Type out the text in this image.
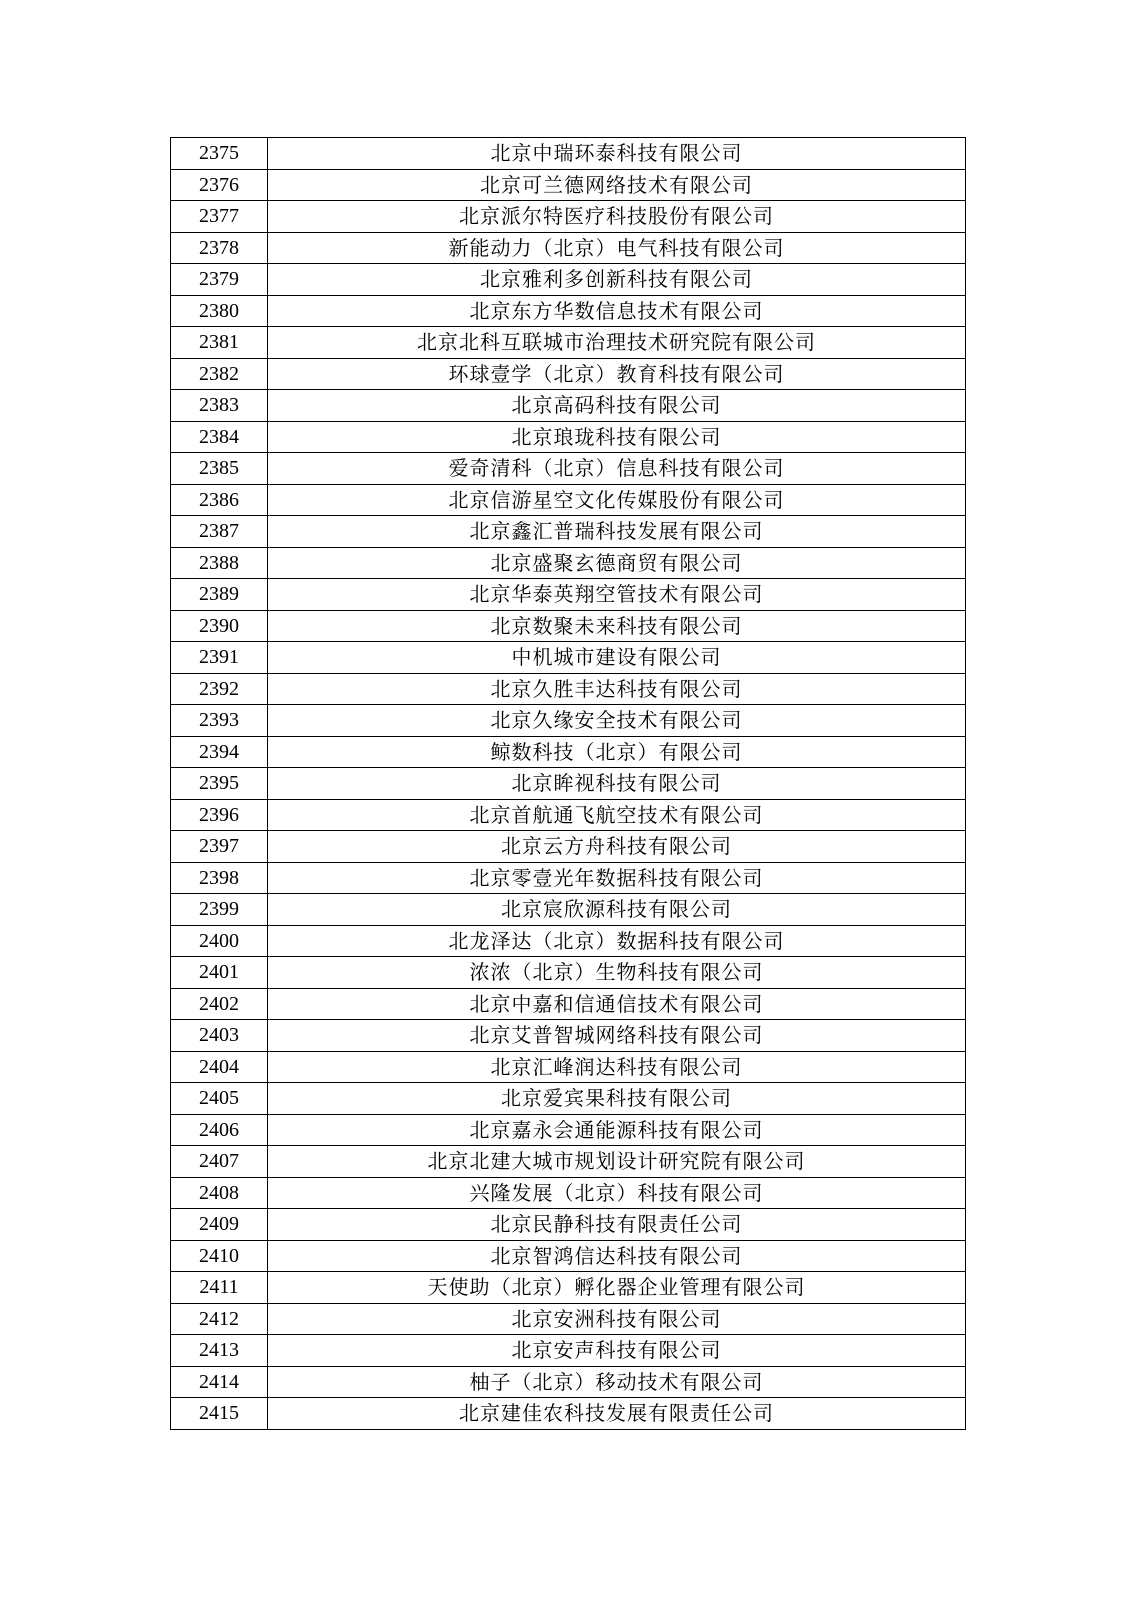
2375	北京中瑞环泰科技有限公司
2376	北京可兰德网络技术有限公司
2377	北京派尔特医疗科技股份有限公司
2378	新能动力（北京）电气科技有限公司
2379	北京雅利多创新科技有限公司
2380	北京东方华数信息技术有限公司
2381	北京北科互联城市治理技术研究院有限公司
2382	环球壹学（北京）教育科技有限公司
2383	北京高码科技有限公司
2384	北京琅珑科技有限公司
2385	爱奇清科（北京）信息科技有限公司
2386	北京信游星空文化传媒股份有限公司
2387	北京鑫汇普瑞科技发展有限公司
2388	北京盛聚玄德商贸有限公司
2389	北京华泰英翔空管技术有限公司
2390	北京数聚未来科技有限公司
2391	中机城市建设有限公司
2392	北京久胜丰达科技有限公司
2393	北京久缘安全技术有限公司
2394	鲸数科技（北京）有限公司
2395	北京眸视科技有限公司
2396	北京首航通飞航空技术有限公司
2397	北京云方舟科技有限公司
2398	北京零壹光年数据科技有限公司
2399	北京宸欣源科技有限公司
2400	北龙泽达（北京）数据科技有限公司
2401	浓浓（北京）生物科技有限公司
2402	北京中嘉和信通信技术有限公司
2403	北京艾普智城网络科技有限公司
2404	北京汇峰润达科技有限公司
2405	北京爱宾果科技有限公司
2406	北京嘉永会通能源科技有限公司
2407	北京北建大城市规划设计研究院有限公司
2408	兴隆发展（北京）科技有限公司
2409	北京民静科技有限责任公司
2410	北京智鸿信达科技有限公司
2411	天使助（北京）孵化器企业管理有限公司
2412	北京安洲科技有限公司
2413	北京安声科技有限公司
2414	柚子（北京）移动技术有限公司
2415	北京建佳农科技发展有限责任公司
